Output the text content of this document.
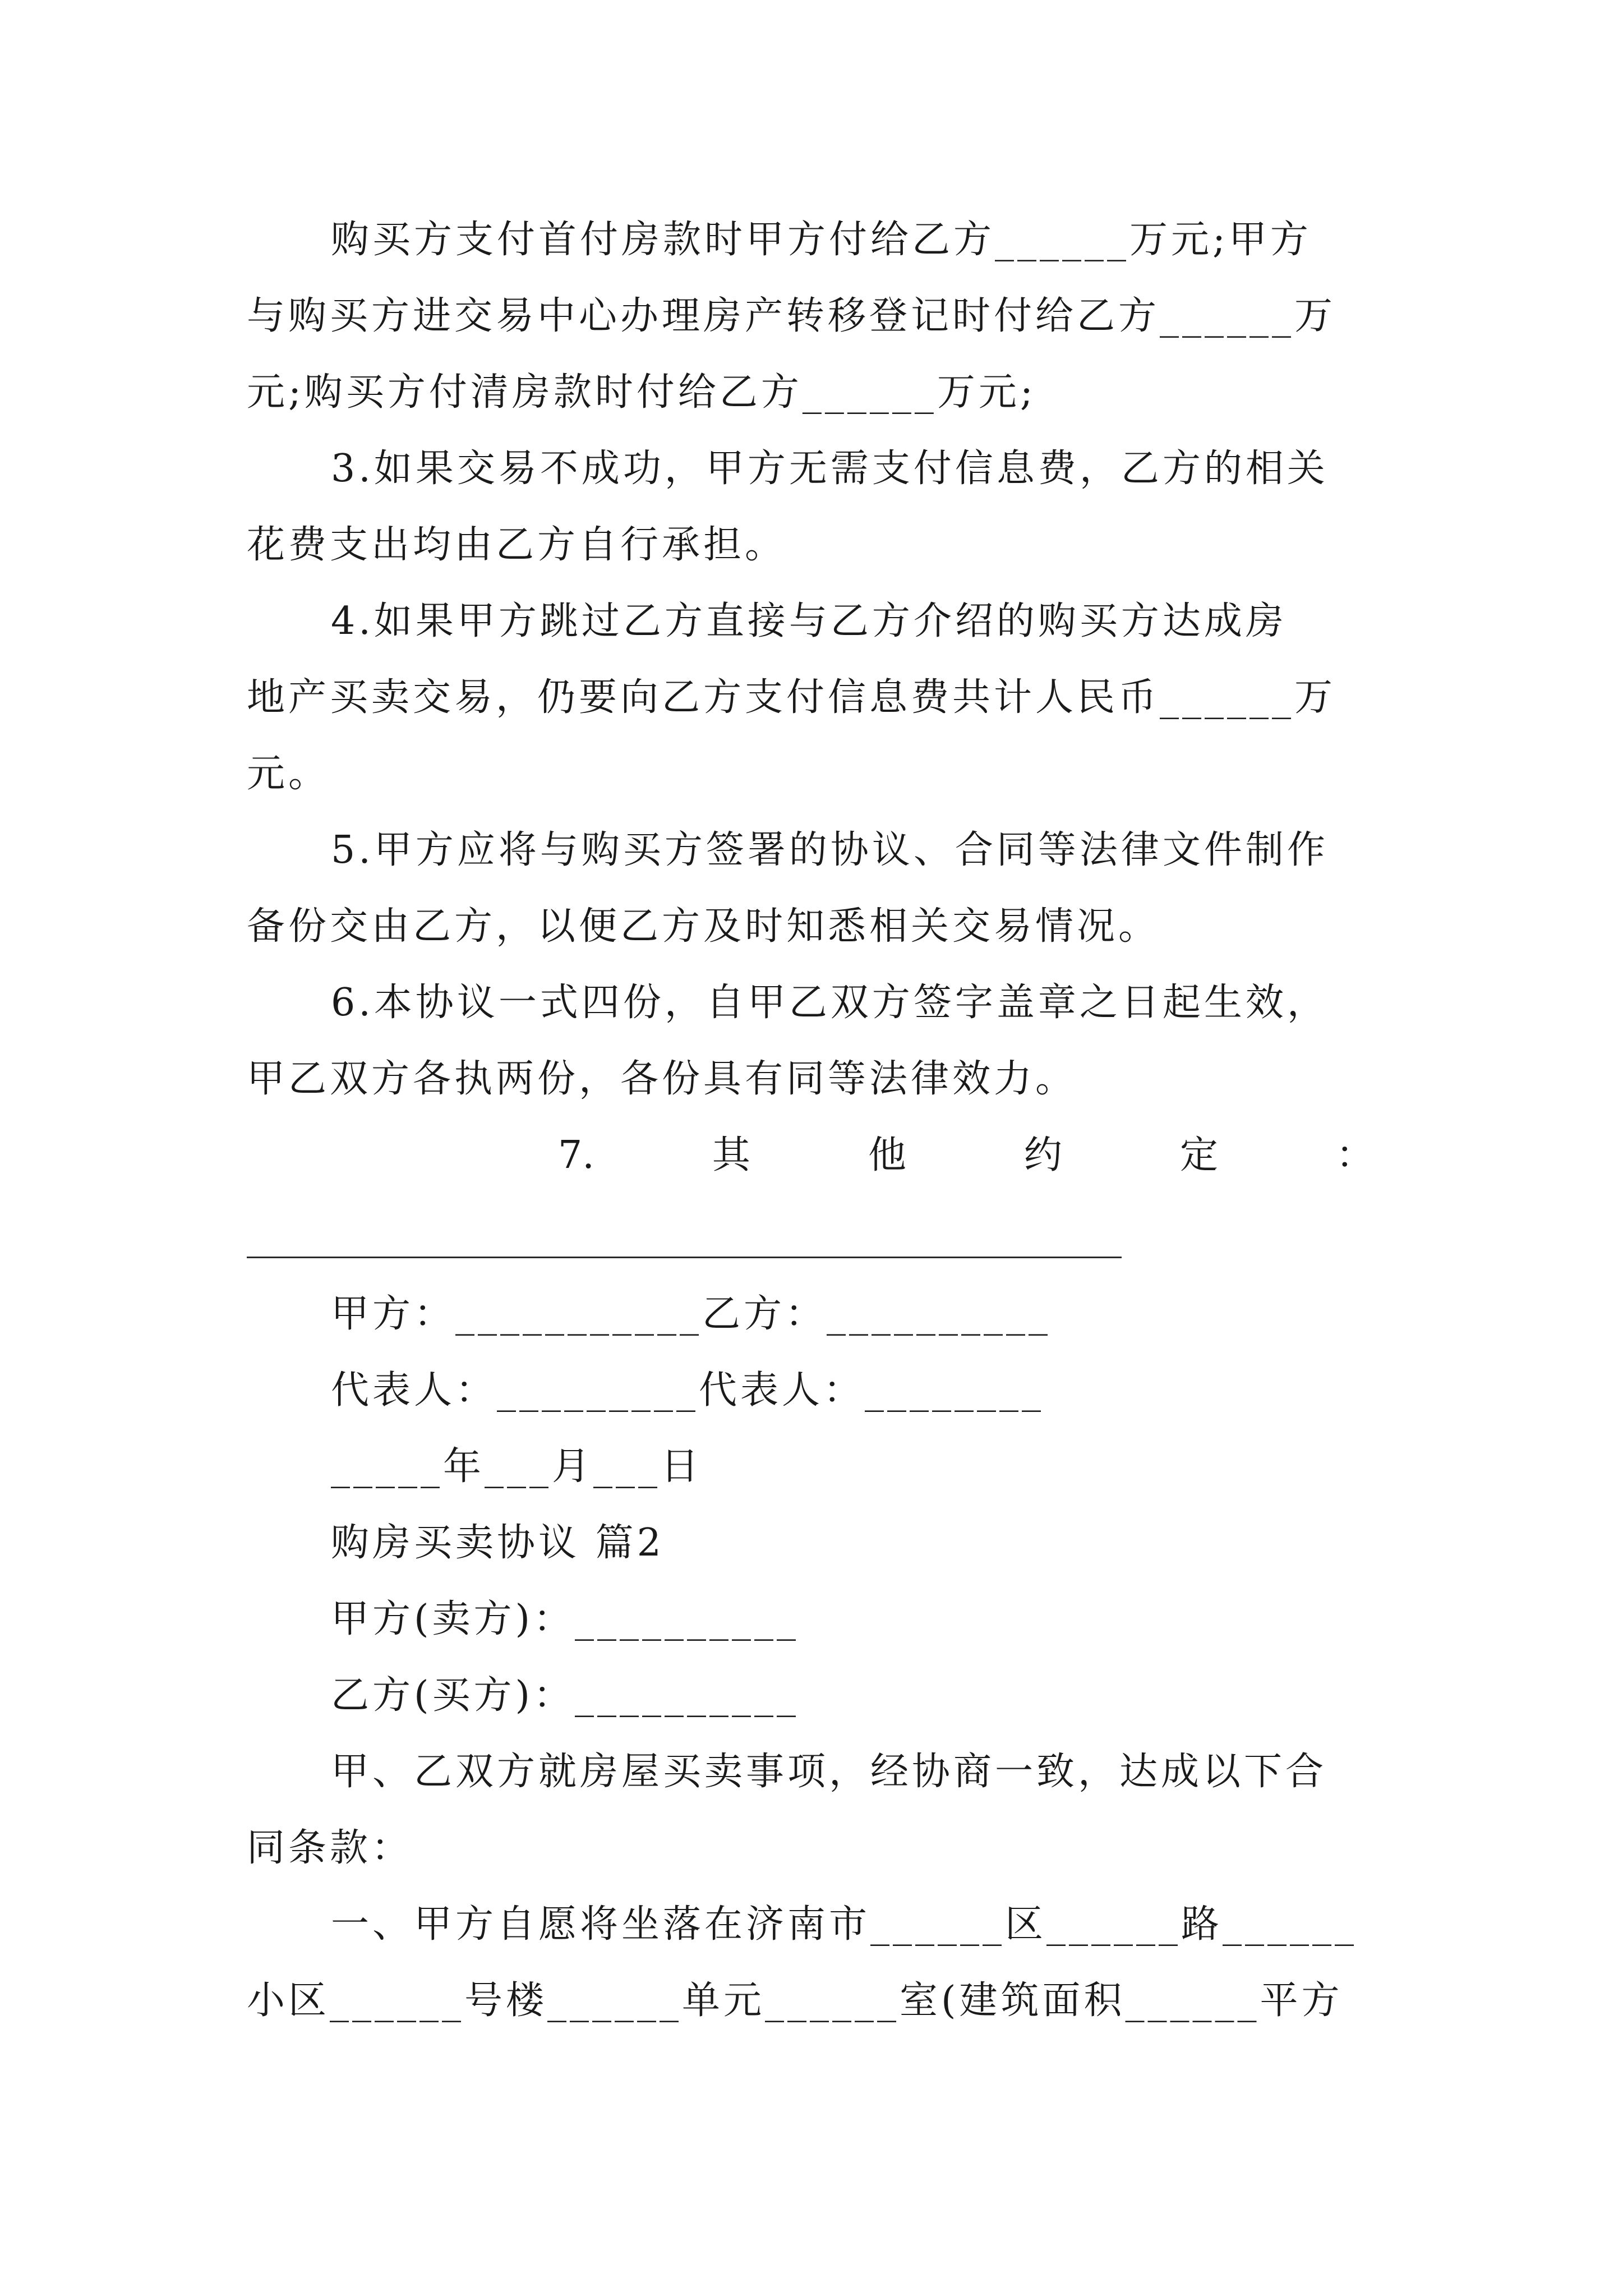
购买方支付首付房款时甲方付给乙方______万元;甲方
与购买方进交易中心办理房产转移登记时付给乙方______万
元;购买方付清房款时付给乙方______万元;
3.如果交易不成功，甲方无需支付信息费，乙方的相关
花费支出均由乙方自行承担。
4.如果甲方跳过乙方直接与乙方介绍的购买方达成房
地产买卖交易，仍要向乙方支付信息费共计人民币______万
元。
5.甲方应将与购买方签署的协议、合同等法律文件制作
备份交由乙方，以便乙方及时知悉相关交易情况。
6.本协议一式四份，自甲乙双方签字盖章之日起生效，
甲乙双方各执两份，各份具有同等法律效力。
7.	其	他	约	定	：
甲方：___________乙方：__________
代表人：_________代表人：________
_____年___月___日
购房买卖协议 篇2
甲方(卖方)：__________
乙方(买方)：__________
甲、乙双方就房屋买卖事项，经协商一致，达成以下合
同条款：
一、甲方自愿将坐落在济南市______区______路______
小区______号楼______单元______室(建筑面积______平方
